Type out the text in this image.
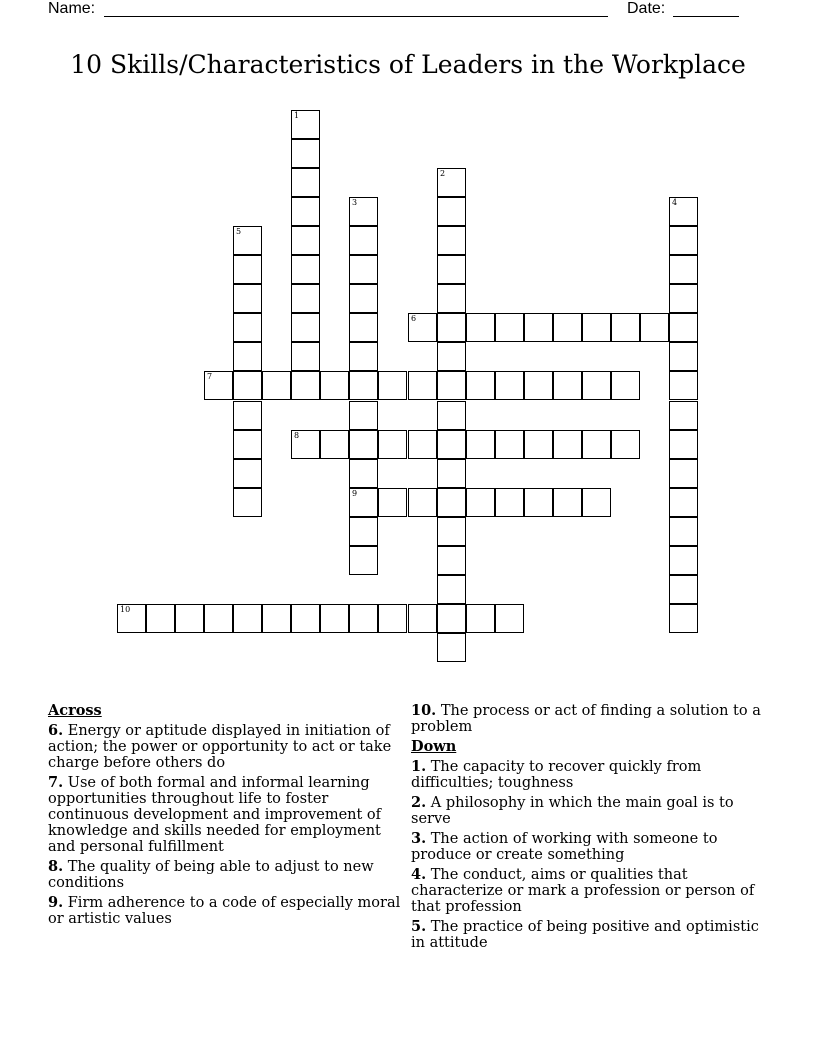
Name:	Date:
10 Skills/Characteristics of Leaders in the Workplace
1
2
3
9
4
5
6
7
8
10
Across
6. Energy or aptitude displayed in initiation of action; the power or opportunity to act or take charge before others do
7. Use of both formal and informal learning opportunities throughout life to foster continuous development and improvement of knowledge and skills needed for employment and personal fulfillment
8. The quality of being able to adjust to new conditions
9. Firm adherence to a code of especially moral or artistic values
10. The process or act of finding a solution to a problem
Down
1. The capacity to recover quickly from difficulties; toughness
2. A philosophy in which the main goal is to serve
3. The action of working with someone to produce or create something
4. The conduct, aims or qualities that characterize or mark a profession or person of that profession
5. The practice of being positive and optimistic in attitude
